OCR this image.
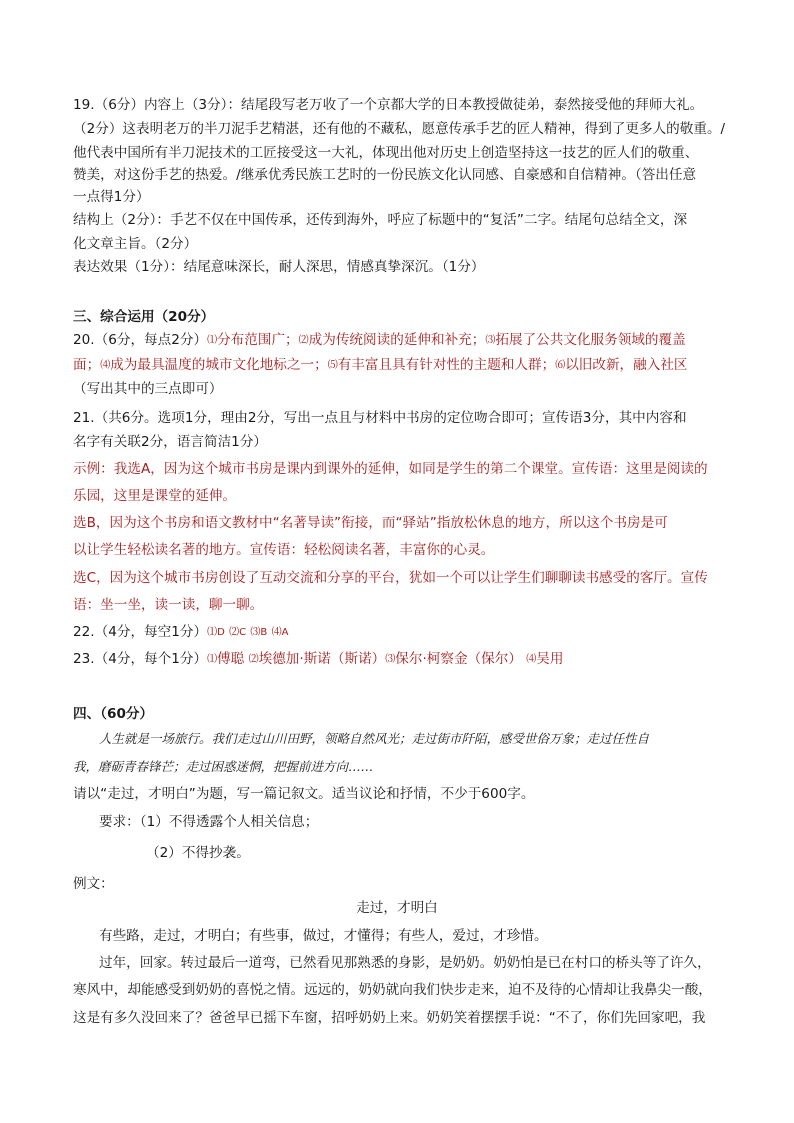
19.（6分）内容上（3分）：结尾段写老万收了一个京都大学的日本教授做徒弟，泰然接受他的拜师大礼。
（2分）这表明老万的半刀泥手艺精湛，还有他的不藏私，愿意传承手艺的匠人精神，得到了更多人的敬重。/
他代表中国所有半刀泥技术的工匠接受这一大礼，体现出他对历史上创造坚持这一技艺的匠人们的敬重、
赞美，对这份手艺的热爱。/继承优秀民族工艺时的一份民族文化认同感、自豪感和自信精神。（答出任意
一点得1分）
结构上（2分）：手艺不仅在中国传承，还传到海外，呼应了标题中的“复活”二字。结尾句总结全文，深
化文章主旨。（2分）
表达效果（1分）：结尾意味深长，耐人深思，情感真挚深沉。（1分）
三、综合运用（20分）
20.（6分，每点2分）⑴分布范围广；⑵成为传统阅读的延伸和补充；⑶拓展了公共文化服务领域的覆盖
面；⑷成为最具温度的城市文化地标之一；⑸有丰富且具有针对性的主题和人群；⑹以旧改新，融入社区
（写出其中的三点即可）
21.（共6分。选项1分，理由2分，写出一点且与材料中书房的定位吻合即可；宣传语3分，其中内容和
名字有关联2分，语言简洁1分）
示例：我选A，因为这个城市书房是课内到课外的延伸，如同是学生的第二个课堂。宣传语：这里是阅读的
乐园，这里是课堂的延伸。
选B，因为这个书房和语文教材中“名著导读”衔接，而“驿站”指放松休息的地方，所以这个书房是可
以让学生轻松读名著的地方。宣传语：轻松阅读名著，丰富你的心灵。
选C，因为这个城市书房创设了互动交流和分享的平台，犹如一个可以让学生们聊聊读书感受的客厅。宣传
语：坐一坐，读一读，聊一聊。
22.（4分，每空1分）⑴D ⑵C ⑶B ⑷A
23.（4分，每个1分）⑴傅聪 ⑵埃德加·斯诺（斯诺）⑶保尔·柯察金（保尔） ⑷吴用
四、（60分）
人生就是一场旅行。我们走过山川田野，领略自然风光；走过街市阡陌，感受世俗万象；走过任性自
我，磨砺青春锋芒；走过困惑迷惘，把握前进方向……
请以“走过，才明白”为题，写一篇记叙文。适当议论和抒情，不少于600字。
要求：（1）不得透露个人相关信息；
（2）不得抄袭。
例文：
走过，才明白
有些路，走过，才明白；有些事，做过，才懂得；有些人，爱过，才珍惜。
过年，回家。转过最后一道弯，已然看见那熟悉的身影，是奶奶。奶奶怕是已在村口的桥头等了许久，
寒风中，却能感受到奶奶的喜悦之情。远远的，奶奶就向我们快步走来，迫不及待的心情却让我鼻尖一酸，
这是有多久没回来了？爸爸早已摇下车窗，招呼奶奶上来。奶奶笑着摆摆手说：“不了，你们先回家吧，我
